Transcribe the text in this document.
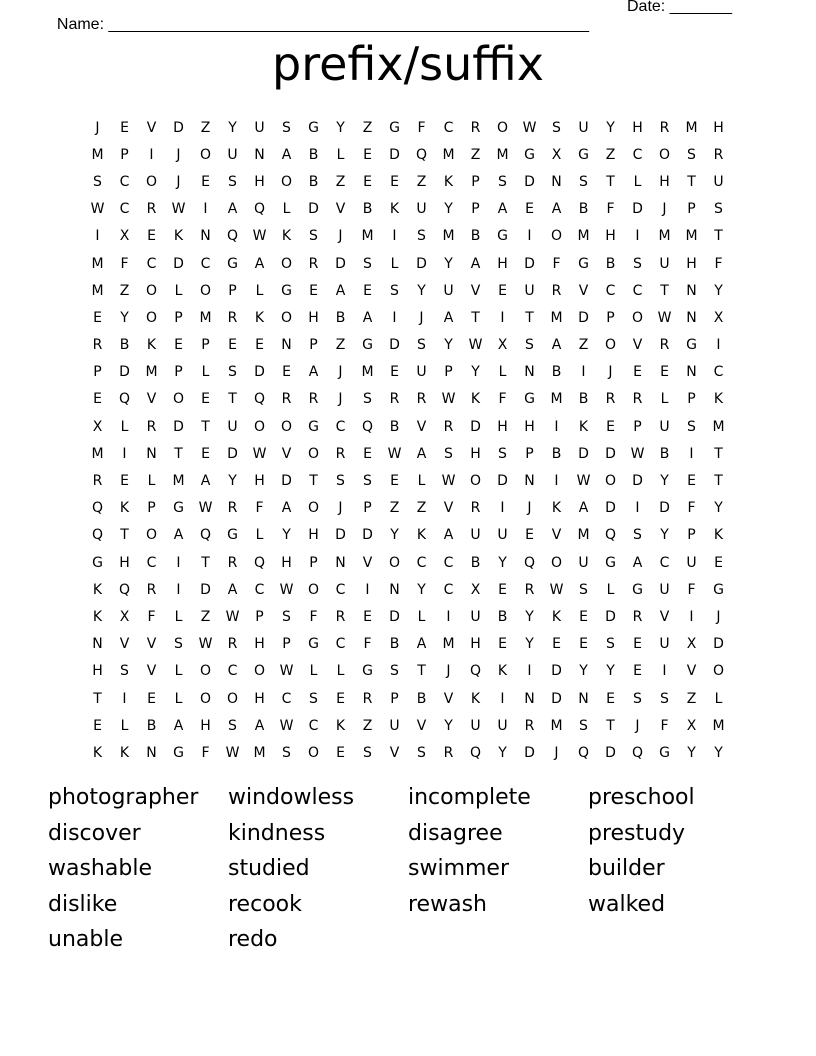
Name: ______________________________________________________

Date: _______

prefix/suffix
J	E	V	D	Z	Y	U	S	G	Y	Z	G	F	C	R	O	W	S	U	Y	H	R	M	H
M	P	I	J	O	U	N	A	B	L	E	D	Q	M	Z	M	G	X	G	Z	C	O	S	R
S	C	O	J	E	S	H	O	B	Z	E	E	Z	K	P	S	D	N	S	T	L	H	T	U
W	C	R	W	I	A	Q	L	D	V	B	K	U	Y	P	A	E	A	B	F	D	J	P	S
I	X	E	K	N	Q	W	K	S	J	M	I	S	M	B	G	I	O	M	H	I	M	M	T
M	F	C	D	C	G	A	O	R	D	S	L	D	Y	A	H	D	F	G	B	S	U	H	F
M	Z	O	L	O	P	L	G	E	A	E	S	Y	U	V	E	U	R	V	C	C	T	N	Y
E	Y	O	P	M	R	K	O	H	B	A	I	J	A	T	I	T	M	D	P	O	W	N	X
R	B	K	E	P	E	E	N	P	Z	G	D	S	Y	W	X	S	A	Z	O	V	R	G	I
P	D	M	P	L	S	D	E	A	J	M	E	U	P	Y	L	N	B	I	J	E	E	N	C
E	Q	V	O	E	T	Q	R	R	J	S	R	R	W	K	F	G	M	B	R	R	L	P	K
X	L	R	D	T	U	O	O	G	C	Q	B	V	R	D	H	H	I	K	E	P	U	S	M
M	I	N	T	E	D	W	V	O	R	E	W	A	S	H	S	P	B	D	D	W	B	I	T
R	E	L	M	A	Y	H	D	T	S	S	E	L	W	O	D	N	I	W	O	D	Y	E	T
Q	K	P	G	W	R	F	A	O	J	P	Z	Z	V	R	I	J	K	A	D	I	D	F	Y
Q	T	O	A	Q	G	L	Y	H	D	D	Y	K	A	U	U	E	V	M	Q	S	Y	P	K
G	H	C	I	T	R	Q	H	P	N	V	O	C	C	B	Y	Q	O	U	G	A	C	U	E
K	Q	R	I	D	A	C	W	O	C	I	N	Y	C	X	E	R	W	S	L	G	U	F	G
K	X	F	L	Z	W	P	S	F	R	E	D	L	I	U	B	Y	K	E	D	R	V	I	J
N	V	V	S	W	R	H	P	G	C	F	B	A	M	H	E	Y	E	E	S	E	U	X	D
H	S	V	L	O	C	O	W	L	L	G	S	T	J	Q	K	I	D	Y	Y	E	I	V	O
T	I	E	L	O	O	H	C	S	E	R	P	B	V	K	I	N	D	N	E	S	S	Z	L
E	L	B	A	H	S	A	W	C	K	Z	U	V	Y	U	U	R	M	S	T	J	F	X	M
K	K	N	G	F	W	M	S	O	E	S	V	S	R	Q	Y	D	J	Q	D	Q	G	Y	Y
photographer	windowless	incomplete	preschool
discover	kindness	disagree	prestudy
washable	studied	swimmer	builder
dislike	recook	rewash	walked
unable	redo
